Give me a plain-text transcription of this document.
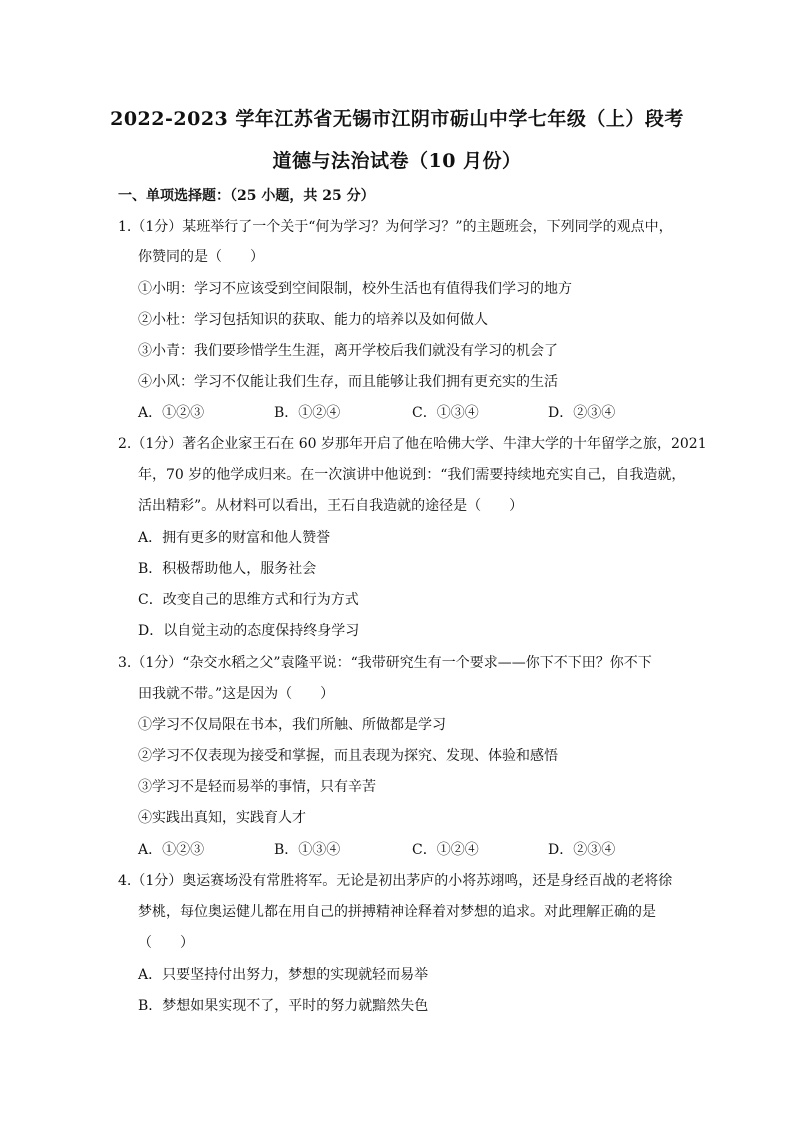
2022-2023 学年江苏省无锡市江阴市砺山中学七年级（上）段考
道德与法治试卷（10 月份）
一、单项选择题：（25 小题，共 25 分）
1.（1分）某班举行了一个关于“何为学习？为何学习？”的主题班会，下列同学的观点中，
你赞同的是（　　）
①小明：学习不应该受到空间限制，校外生活也有值得我们学习的地方
②小杜：学习包括知识的获取、能力的培养以及如何做人
③小青：我们要珍惜学生生涯，离开学校后我们就没有学习的机会了
④小风：学习不仅能让我们生存，而且能够让我们拥有更充实的生活
A．①②③	B．①②④	C．①③④	D．②③④
2.（1分）著名企业家王石在 60 岁那年开启了他在哈佛大学、牛津大学的十年留学之旅，2021
年，70 岁的他学成归来。在一次演讲中他说到：“我们需要持续地充实自己，自我造就，
活出精彩”。从材料可以看出，王石自我造就的途径是（　　）
A．拥有更多的财富和他人赞誉
B．积极帮助他人，服务社会
C．改变自己的思维方式和行为方式
D．以自觉主动的态度保持终身学习
3.（1分）“杂交水稻之父”袁隆平说：“我带研究生有一个要求——你下不下田？你不下
田我就不带。”这是因为（　　）
①学习不仅局限在书本，我们所触、所做都是学习
②学习不仅表现为接受和掌握，而且表现为探究、发现、体验和感悟
③学习不是轻而易举的事情，只有辛苦
④实践出真知，实践育人才
A．①②③	B．①③④	C．①②④	D．②③④
4.（1分）奥运赛场没有常胜将军。无论是初出茅庐的小将苏翊鸣，还是身经百战的老将徐
梦桃，每位奥运健儿都在用自己的拼搏精神诠释着对梦想的追求。对此理解正确的是
（　　）
A．只要坚持付出努力，梦想的实现就轻而易举
B．梦想如果实现不了，平时的努力就黯然失色
